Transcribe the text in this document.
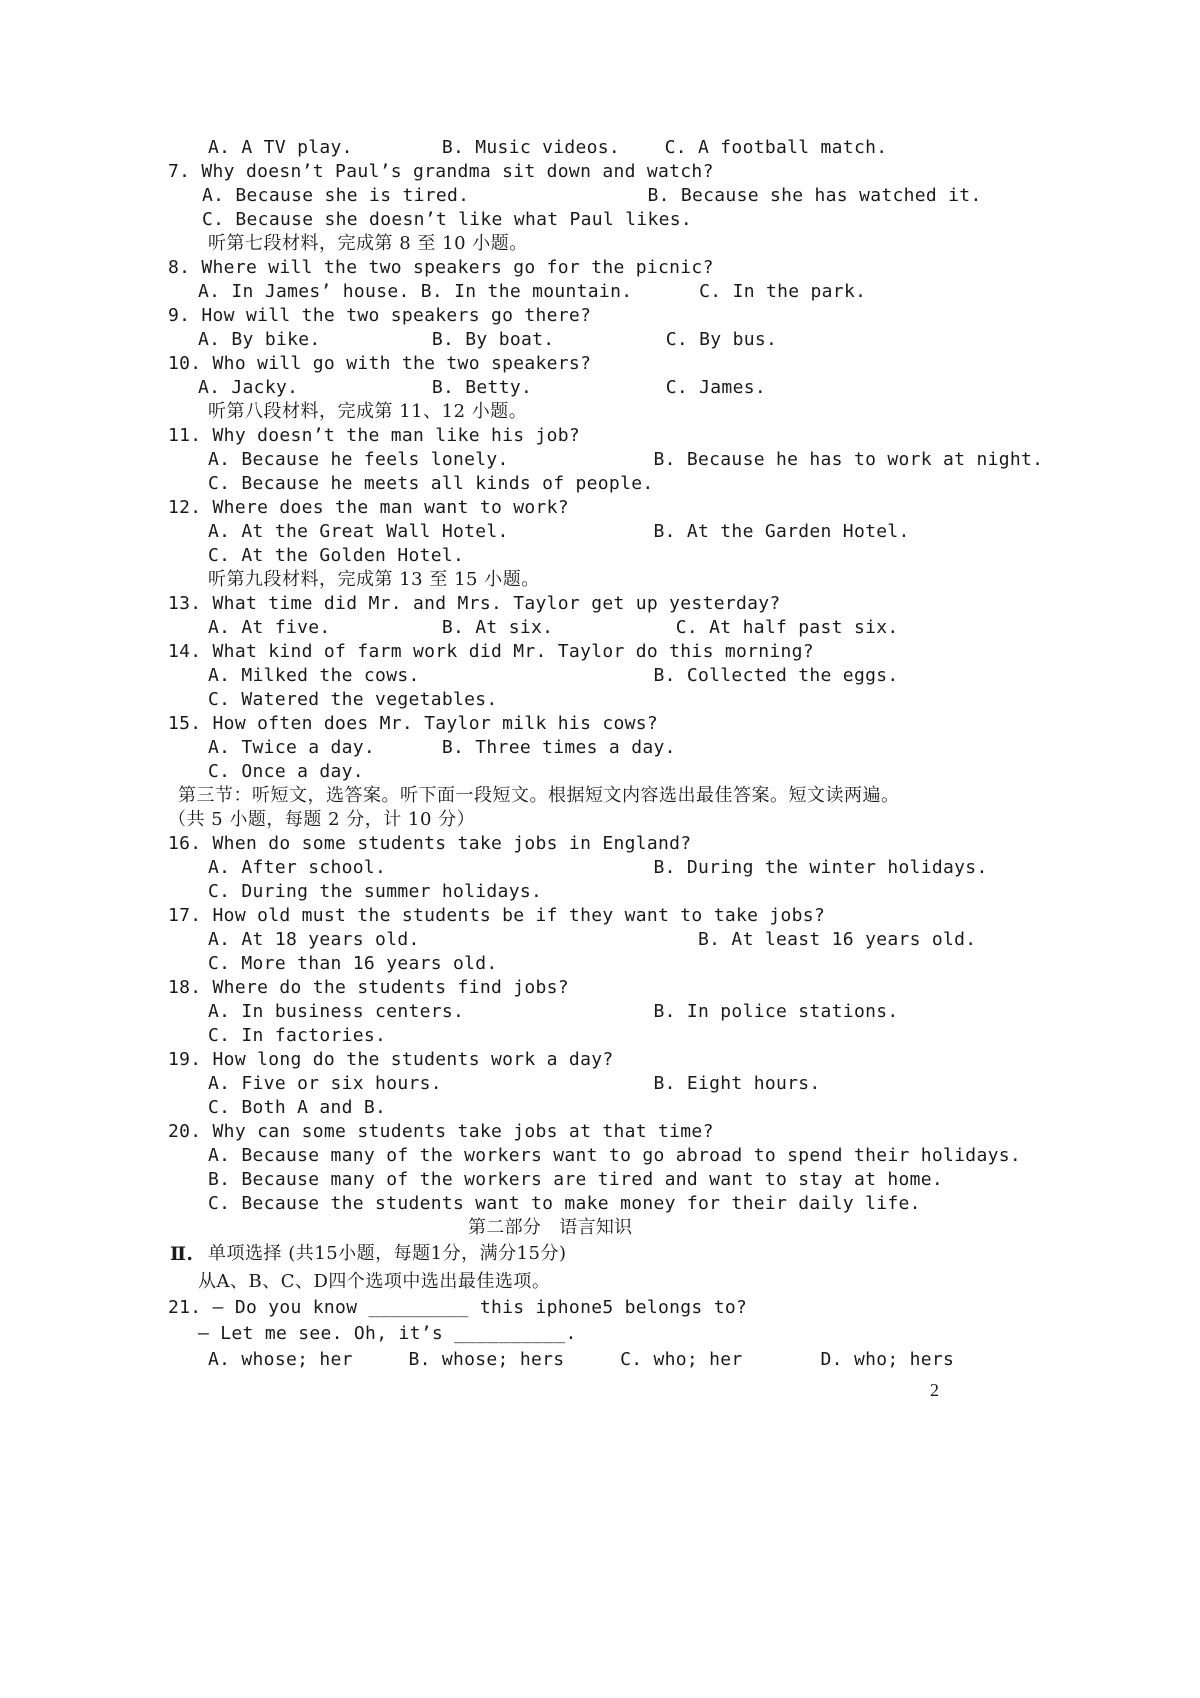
A. A TV play.        B. Music videos.    C. A football match.
7. Why doesn’t Paul’s grandma sit down and watch?
A. Because she is tired.                B. Because she has watched it.
C. Because she doesn’t like what Paul likes.
听第七段材料，完成第 8 至 10 小题。
8. Where will the two speakers go for the picnic?
A. In James’ house. B. In the mountain.      C. In the park.
9. How will the two speakers go there?
A. By bike.          B. By boat.          C. By bus.
10. Who will go with the two speakers?
A. Jacky.            B. Betty.            C. James.
听第八段材料，完成第 11、12 小题。
11. Why doesn’t the man like his job?
A. Because he feels lonely.             B. Because he has to work at night.
C. Because he meets all kinds of people.
12. Where does the man want to work?
A. At the Great Wall Hotel.             B. At the Garden Hotel.
C. At the Golden Hotel.
听第九段材料，完成第 13 至 15 小题。
13. What time did Mr. and Mrs. Taylor get up yesterday?
A. At five.          B. At six.           C. At half past six.
14. What kind of farm work did Mr. Taylor do this morning?
A. Milked the cows.                     B. Collected the eggs.
C. Watered the vegetables.
15. How often does Mr. Taylor milk his cows?
A. Twice a day.      B. Three times a day.
C. Once a day.
第三节：听短文，选答案。听下面一段短文。根据短文内容选出最佳答案。短文读两遍。
（共 5 小题，每题 2 分，计 10 分）
16. When do some students take jobs in England?
A. After school.                        B. During the winter holidays.
C. During the summer holidays.
17. How old must the students be if they want to take jobs?
A. At 18 years old.                         B. At least 16 years old.
C. More than 16 years old.
18. Where do the students find jobs?
A. In business centers.                 B. In police stations.
C. In factories.
19. How long do the students work a day?
A. Five or six hours.                   B. Eight hours.
C. Both A and B.
20. Why can some students take jobs at that time?
A. Because many of the workers want to go abroad to spend their holidays.
B. Because many of the workers are tired and want to stay at home.
C. Because the students want to make money for their daily life.
第二部分   语言知识
Ⅱ. 单项选择 (共15小题，每题1分，满分15分)
从A、B、C、D四个选项中选出最佳选项。
21. — Do you know _________ this iphone5 belongs to?
— Let me see. Oh, it’s __________.
A. whose; her     B. whose; hers     C. who; her       D. who; hers
2
